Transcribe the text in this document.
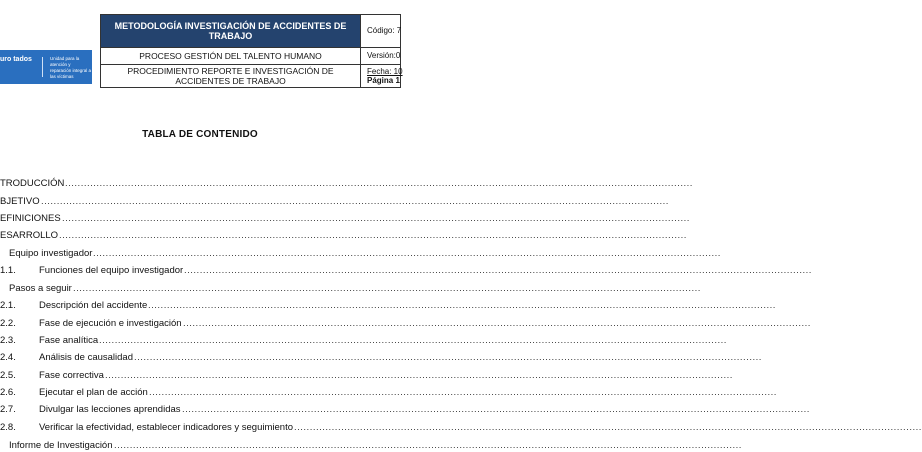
uro tados	Unidad para la atención y reparación integral a las víctimas
METODOLOGÍA INVESTIGACIÓN DE ACCIDENTES DE TRABAJO	Código: 7
PROCESO GESTIÓN DEL TALENTO HUMANO	Versión:0
PROCEDIMIENTO REPORTE E INVESTIGACIÓN DE ACCIDENTES DE TRABAJO	Fecha: 10
Página 1
TABLA DE CONTENIDO
TRODUCCIÓN ........................................................................................................................................................................................................
BJETIVO ........................................................................................................................................................................................................
EFINICIONES ........................................................................................................................................................................................................
ESARROLLO ........................................................................................................................................................................................................
Equipo investigador ........................................................................................................................................................................................................
1.1. Funciones del equipo investigador ........................................................................................................................................................................................................
Pasos a seguir ........................................................................................................................................................................................................
2.1. Descripción del accidente ........................................................................................................................................................................................................
2.2. Fase de ejecución e investigación ........................................................................................................................................................................................................
2.3. Fase analítica ........................................................................................................................................................................................................
2.4. Análisis de causalidad ........................................................................................................................................................................................................
2.5. Fase correctiva ........................................................................................................................................................................................................
2.6. Ejecutar el plan de acción ........................................................................................................................................................................................................
2.7. Divulgar las lecciones aprendidas ........................................................................................................................................................................................................
2.8. Verificar la efectividad, establecer indicadores y seguimiento ........................................................................................................................................................................................................
Informe de Investigación ........................................................................................................................................................................................................
